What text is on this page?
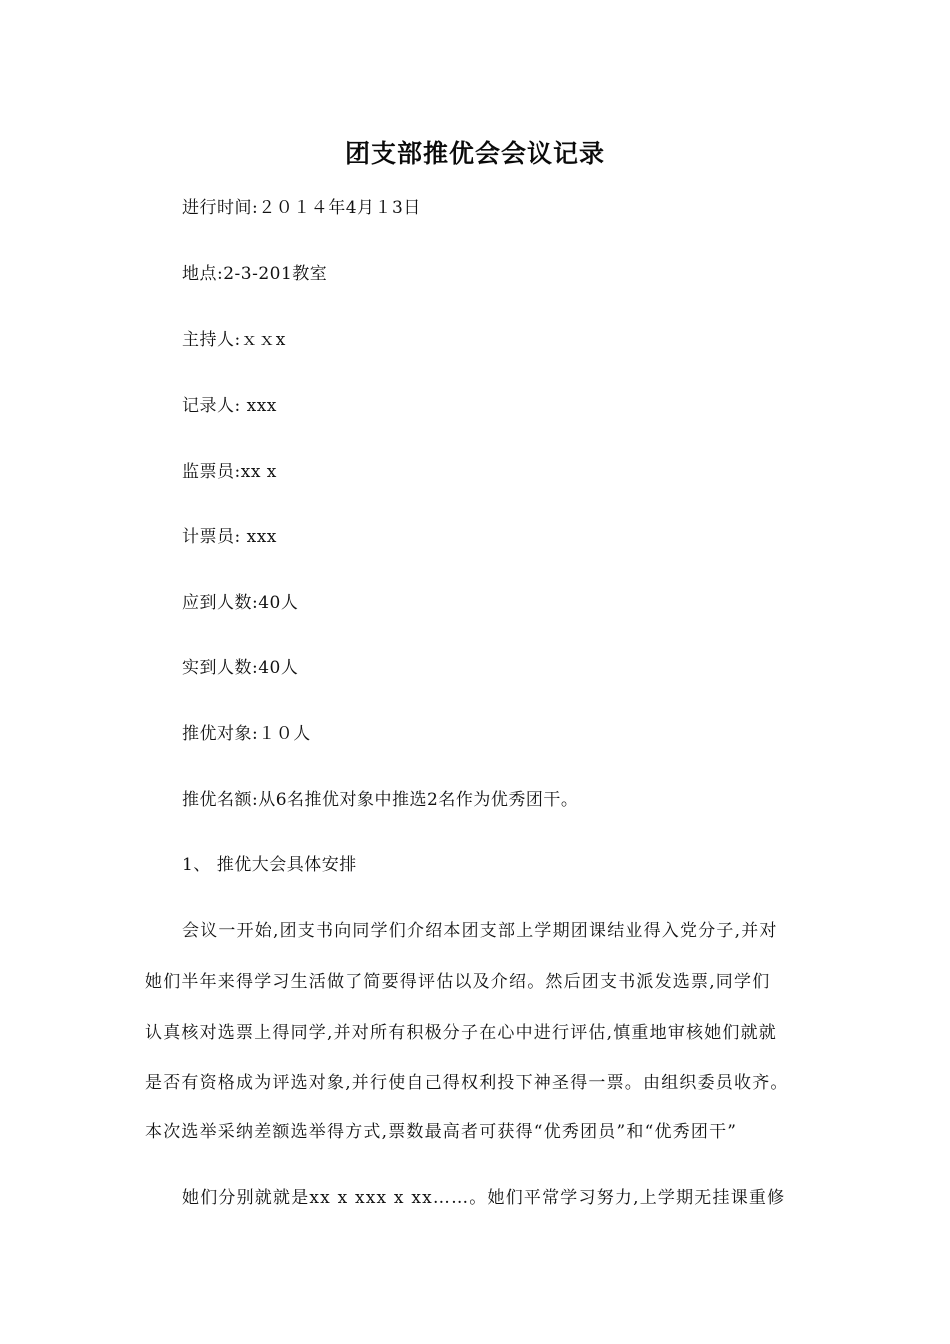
团支部推优会会议记录
进行时间:２０１４年4月１3日
地点:2-3-201教室
主持人:ｘｘx
记录人: xxx
监票员:xx x
计票员: xxx
应到人数:40人
实到人数:40人
推优对象:１０人
推优名额:从6名推优对象中推选2名作为优秀团干。
1、 推优大会具体安排
会议一开始,团支书向同学们介绍本团支部上学期团课结业得入党分子,并对
她们半年来得学习生活做了简要得评估以及介绍。然后团支书派发选票,同学们
认真核对选票上得同学,并对所有积极分子在心中进行评估,慎重地审核她们就就
是否有资格成为评选对象,并行使自己得权利投下神圣得一票。由组织委员收齐。
本次选举采纳差额选举得方式,票数最高者可获得“优秀团员”和“优秀团干”
她们分别就就是xx x xxx x xx……。她们平常学习努力,上学期无挂课重修
